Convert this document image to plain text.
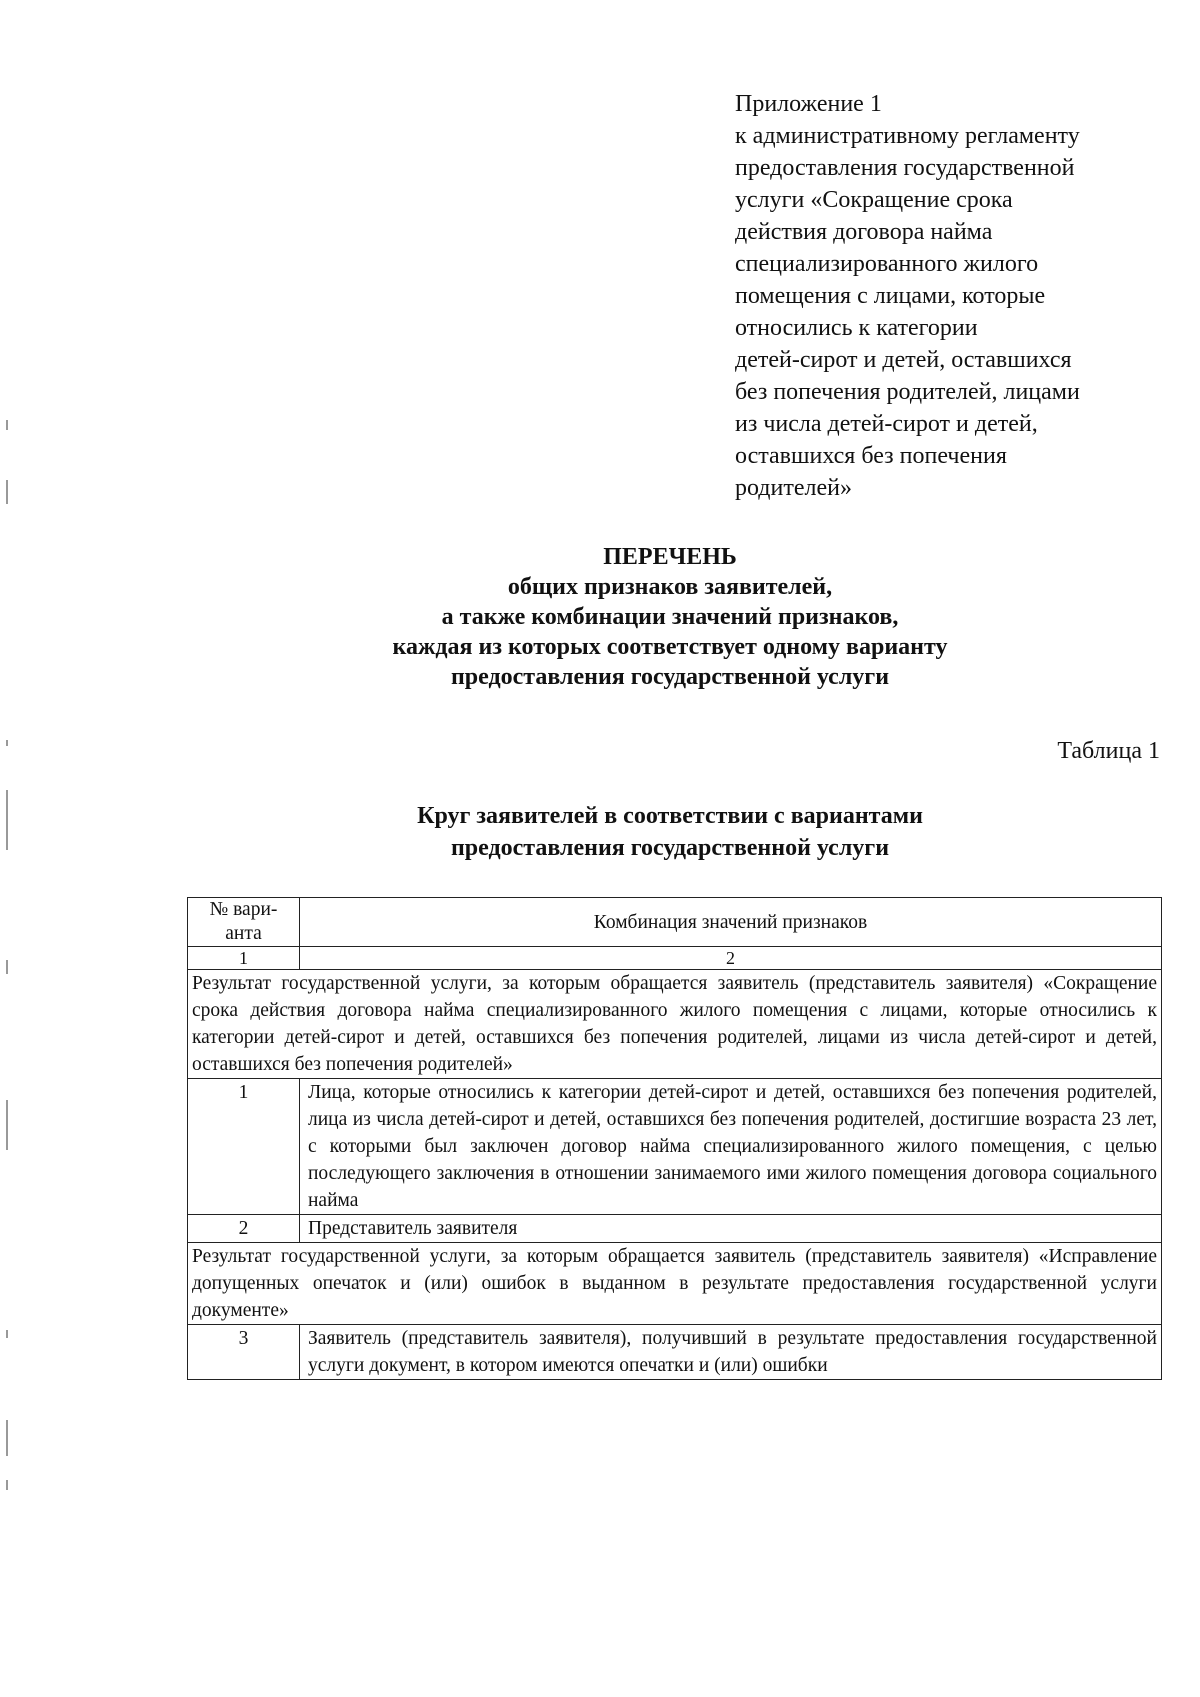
Приложение 1
к административному регламенту
предоставления государственной
услуги «Сокращение срока
действия договора найма
специализированного жилого
помещения с лицами, которые
относились к категории
детей-сирот и детей, оставшихся
без попечения родителей, лицами
из числа детей-сирот и детей,
оставшихся без попечения
родителей»
ПЕРЕЧЕНЬ
общих признаков заявителей,
а также комбинации значений признаков,
каждая из которых соответствует одному варианту
предоставления государственной услуги
Таблица 1
Круг заявителей в соответствии с вариантами
предоставления государственной услуги
№ вари-анта	Комбинация значений признаков
1	2
Результат государственной услуги, за которым обращается заявитель (представитель заявителя) «Сокращение срока действия договора найма специализированного жилого помещения с лицами, которые относились к категории детей-сирот и детей, оставшихся без попечения родителей, лицами из числа детей-сирот и детей, оставшихся без попечения родителей»	
1	Лица, которые относились к категории детей-сирот и детей, оставшихся без попечения родителей, лица из числа детей-сирот и детей, оставшихся без попечения родителей, достигшие возраста 23 лет, с которыми был заключен договор найма специализированного жилого помещения, с целью последующего заключения в отношении занимаемого ими жилого помещения договора социального найма
2	Представитель заявителя
Результат государственной услуги, за которым обращается заявитель (представитель заявителя) «Исправление допущенных опечаток и (или) ошибок в выданном в результате предоставления государственной услуги документе»	
3	Заявитель (представитель заявителя), получивший в результате предоставления государственной услуги документ, в котором имеются опечатки и (или) ошибки
